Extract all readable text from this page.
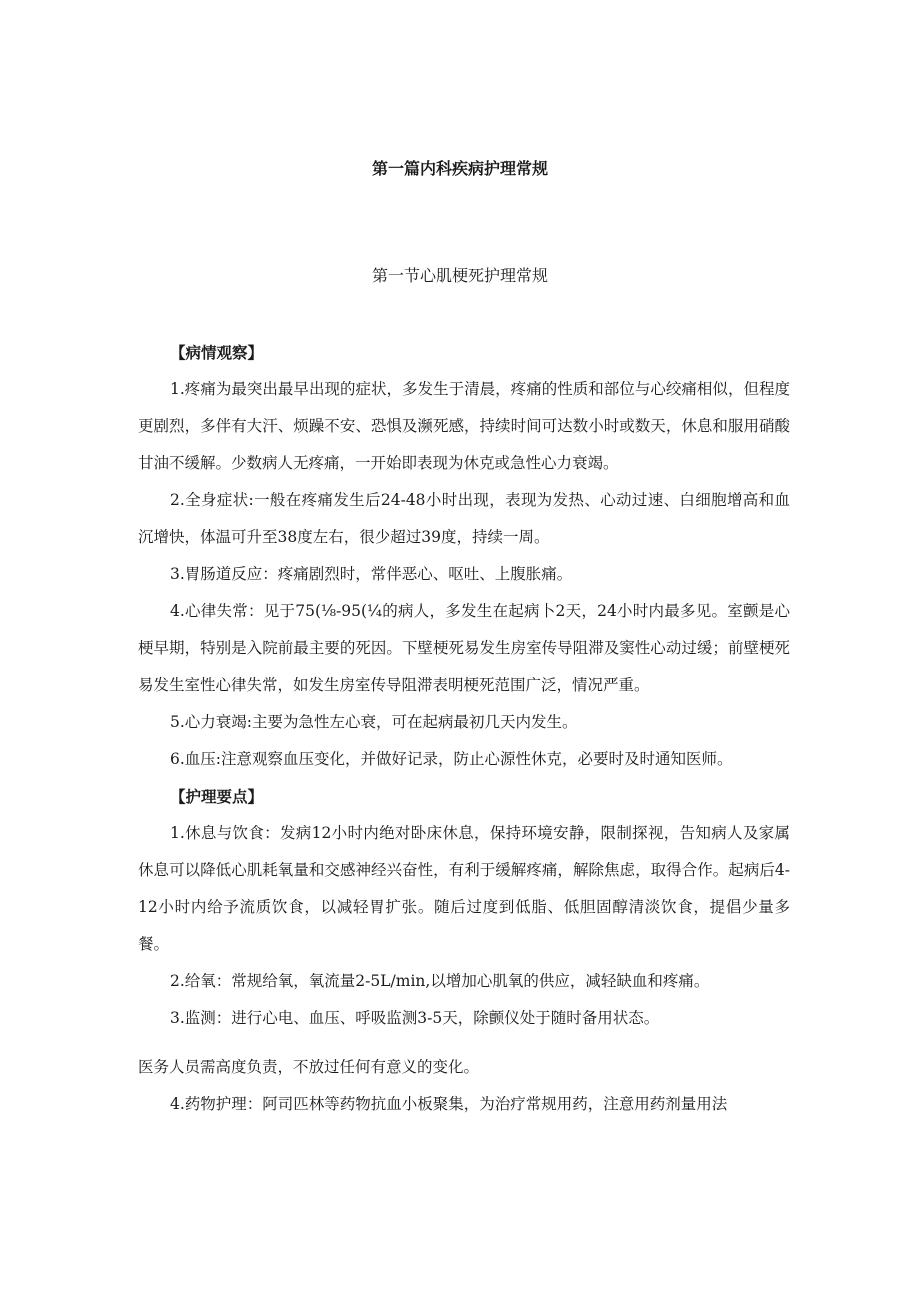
第一篇内科疾病护理常规
第一节心肌梗死护理常规
【病情观察】

1.疼痛为最突出最早出现的症状，多发生于清晨，疼痛的性质和部位与心绞痛相似，但程度更剧烈，多伴有大汗、烦躁不安、恐惧及濒死感，持续时间可达数小时或数天，休息和服用硝酸甘油不缓解。少数病人无疼痛，一开始即表现为休克或急性心力衰竭。

2.全身症状:一般在疼痛发生后24-48小时出现，表现为发热、心动过速、白细胞增高和血沉增快，体温可升至38度左右，很少超过39度，持续一周。

3.胃肠道反应：疼痛剧烈时，常伴恶心、呕吐、上腹胀痛。

4.心律失常：见于75(⅛-95(¼的病人，多发生在起病卜2天，24小时内最多见。室颤是心梗早期，特别是入院前最主要的死因。下壁梗死易发生房室传导阻滞及窦性心动过缓；前壁梗死易发生室性心律失常，如发生房室传导阻滞表明梗死范围广泛，情况严重。

5.心力衰竭:主要为急性左心衰，可在起病最初几天内发生。

6.血压:注意观察血压变化，并做好记录，防止心源性休克，必要时及时通知医师。

【护理要点】

1.休息与饮食：发病12小时内绝对卧床休息，保持环境安静，限制探视，告知病人及家属休息可以降低心肌耗氧量和交感神经兴奋性，有利于缓解疼痛，解除焦虑，取得合作。起病后4-12小时内给予流质饮食，以减轻胃扩张。随后过度到低脂、低胆固醇清淡饮食，提倡少量多餐。

2.给氧：常规给氧，氧流量2-5L/min,以增加心肌氧的供应，减轻缺血和疼痛。

3.监测：进行心电、血压、呼吸监测3-5天，除颤仪处于随时备用状态。

医务人员需高度负责，不放过任何有意义的变化。

4.药物护理：阿司匹林等药物抗血小板聚集，为治疗常规用药，注意用药剂量用法
